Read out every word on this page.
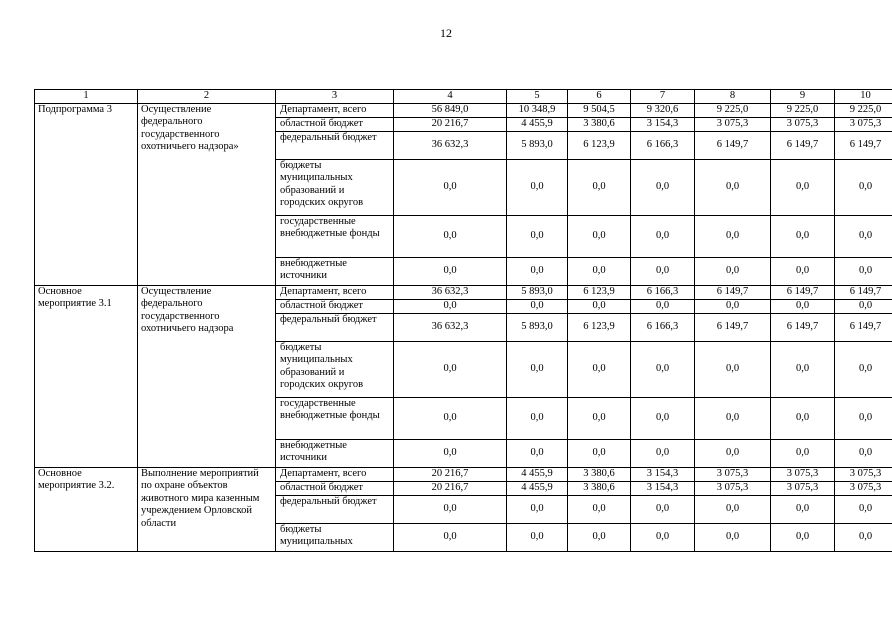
12
1	2	3	4	5	6	7	8	9	10
Подпрограмма 3	Осуществление федерального государственного охотничьего надзора»	Департамент, всего	56 849,0	10 348,9	9 504,5	9 320,6	9 225,0	9 225,0	9 225,0
		областной бюджет	20 216,7	4 455,9	3 380,6	3 154,3	3 075,3	3 075,3	3 075,3
		федеральный бюджет	36 632,3	5 893,0	6 123,9	6 166,3	6 149,7	6 149,7	6 149,7
		бюджеты муниципальных образований и городских округов	0,0	0,0	0,0	0,0	0,0	0,0	0,0
		государственные внебюджетные фонды	0,0	0,0	0,0	0,0	0,0	0,0	0,0
		внебюджетные источники	0,0	0,0	0,0	0,0	0,0	0,0	0,0
Основное мероприятие 3.1	Осуществление федерального государственного охотничьего надзора	Департамент, всего	36 632,3	5 893,0	6 123,9	6 166,3	6 149,7	6 149,7	6 149,7
		областной бюджет	0,0	0,0	0,0	0,0	0,0	0,0	0,0
		федеральный бюджет	36 632,3	5 893,0	6 123,9	6 166,3	6 149,7	6 149,7	6 149,7
		бюджеты муниципальных образований и городских округов	0,0	0,0	0,0	0,0	0,0	0,0	0,0
		государственные внебюджетные фонды	0,0	0,0	0,0	0,0	0,0	0,0	0,0
		внебюджетные источники	0,0	0,0	0,0	0,0	0,0	0,0	0,0
Основное мероприятие 3.2.	Выполнение мероприятий по охране объектов животного мира казенным учреждением Орловской области	Департамент, всего	20 216,7	4 455,9	3 380,6	3 154,3	3 075,3	3 075,3	3 075,3
		областной бюджет	20 216,7	4 455,9	3 380,6	3 154,3	3 075,3	3 075,3	3 075,3
		федеральный бюджет	0,0	0,0	0,0	0,0	0,0	0,0	0,0
		бюджеты муниципальных	0,0	0,0	0,0	0,0	0,0	0,0	0,0
